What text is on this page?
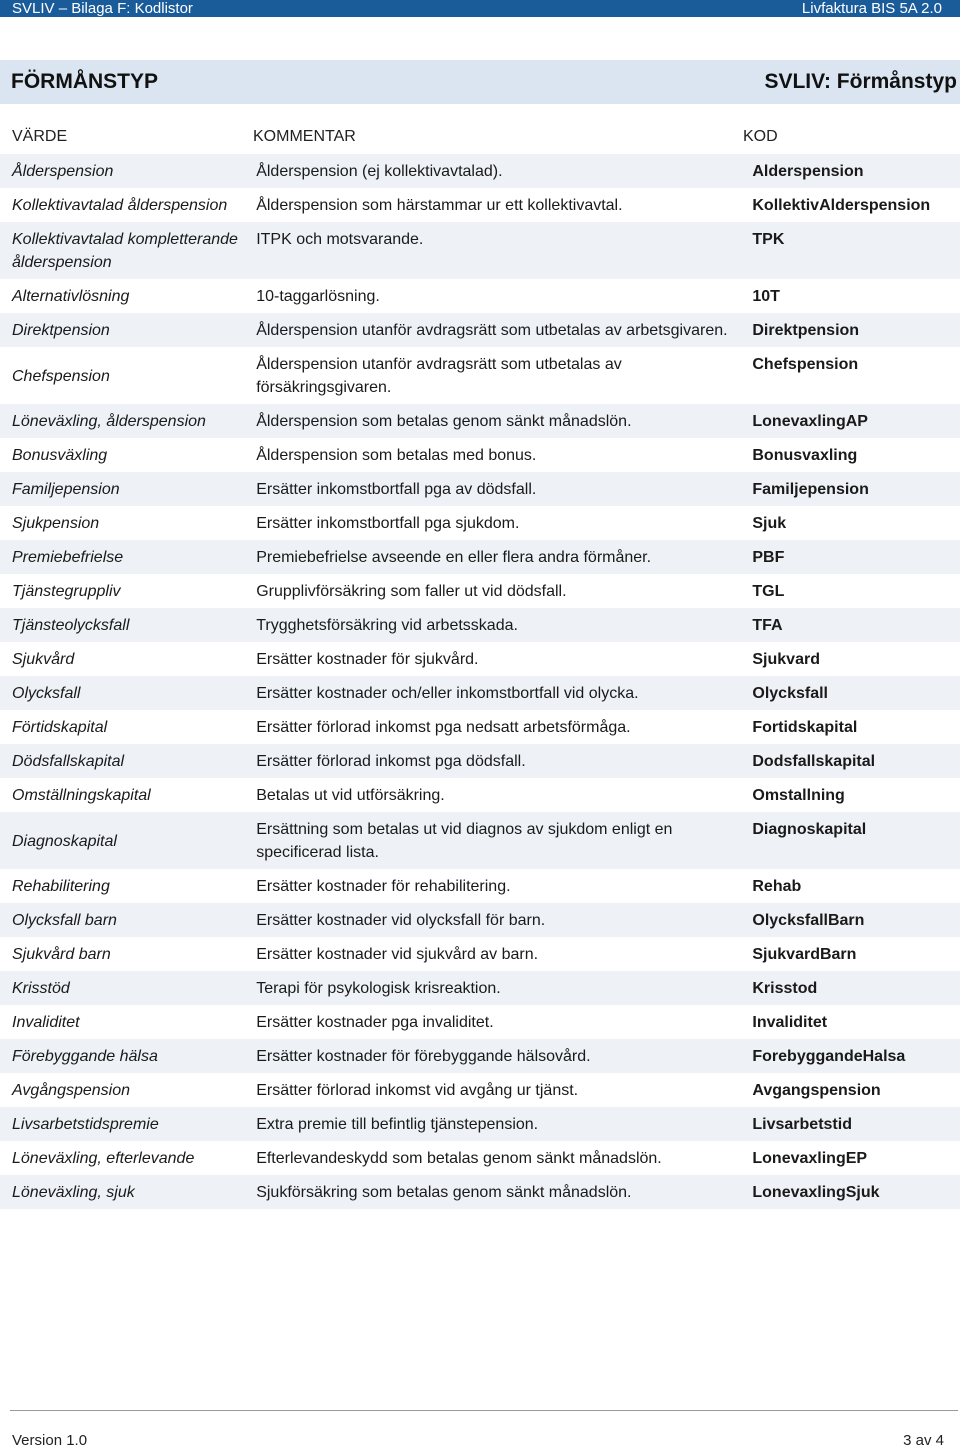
SVLIV – Bilaga F: Kodlistor	Livfaktura BIS 5A 2.0
FÖRMÅNSTYP	SVLIV: Förmånstyp
VÄRDE	KOMMENTAR	KOD
Ålderspension	Ålderspension (ej kollektivavtalad).	Alderspension
Kollektivavtalad ålderspension	Ålderspension som härstammar ur ett kollektivavtal.	KollektivAlderspension
Kollektivavtalad kompletterande ålderspension	ITPK och motsvarande.	TPK
Alternativlösning	10-taggarlösning.	10T
Direktpension	Ålderspension utanför avdragsrätt som utbetalas av arbetsgivaren.	Direktpension
Chefspension	Ålderspension utanför avdragsrätt som utbetalas av försäkringsgivaren.	Chefspension
Löneväxling, ålderspension	Ålderspension som betalas genom sänkt månadslön.	LonevaxlingAP
Bonusväxling	Ålderspension som betalas med bonus.	Bonusvaxling
Familjepension	Ersätter inkomstbortfall pga av dödsfall.	Familjepension
Sjukpension	Ersätter inkomstbortfall pga sjukdom.	Sjuk
Premiebefrielse	Premiebefrielse avseende en eller flera andra förmåner.	PBF
Tjänstegruppliv	Grupplivförsäkring som faller ut vid dödsfall.	TGL
Tjänsteolycksfall	Trygghetsförsäkring vid arbetsskada.	TFA
Sjukvård	Ersätter kostnader för sjukvård.	Sjukvard
Olycksfall	Ersätter kostnader och/eller inkomstbortfall vid olycka.	Olycksfall
Förtidskapital	Ersätter förlorad inkomst pga nedsatt arbetsförmåga.	Fortidskapital
Dödsfallskapital	Ersätter förlorad inkomst pga dödsfall.	Dodsfallskapital
Omställningskapital	Betalas ut vid utförsäkring.	Omstallning
Diagnoskapital	Ersättning som betalas ut vid diagnos av sjukdom enligt en specificerad lista.	Diagnoskapital
Rehabilitering	Ersätter kostnader för rehabilitering.	Rehab
Olycksfall barn	Ersätter kostnader vid olycksfall för barn.	OlycksfallBarn
Sjukvård barn	Ersätter kostnader vid sjukvård av barn.	SjukvardBarn
Krisstöd	Terapi för psykologisk krisreaktion.	Krisstod
Invaliditet	Ersätter kostnader pga invaliditet.	Invaliditet
Förebyggande hälsa	Ersätter kostnader för förebyggande hälsovård.	ForebyggandeHalsa
Avgångspension	Ersätter förlorad inkomst vid avgång ur tjänst.	Avgangspension
Livsarbetstidspremie	Extra premie till befintlig tjänstepension.	Livsarbetstid
Löneväxling, efterlevande	Efterlevandeskydd som betalas genom sänkt månadslön.	LonevaxlingEP
Löneväxling, sjuk	Sjukförsäkring som betalas genom sänkt månadslön.	LonevaxlingSjuk
Version 1.0	3 av 4
